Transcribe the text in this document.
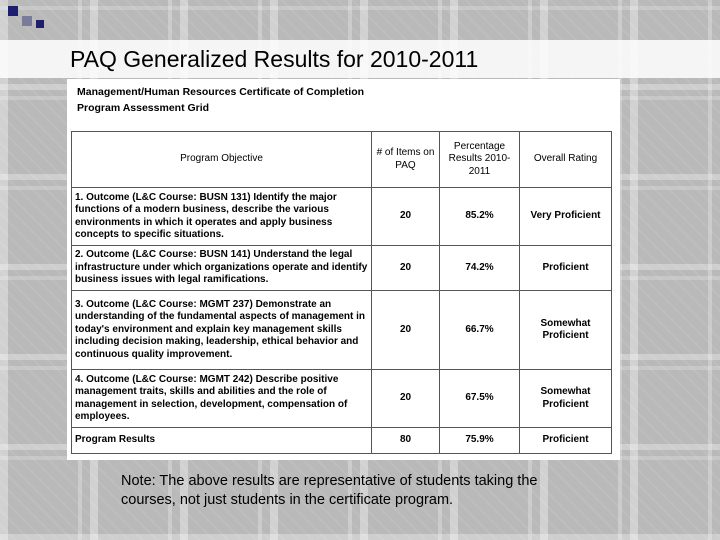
PAQ Generalized Results for 2010-2011
Management/Human Resources Certificate of Completion
Program Assessment Grid
Program Objective	# of Items on PAQ	Percentage Results 2010-2011	Overall Rating
1. Outcome (L&C Course: BUSN 131) Identify the major functions of a modern business, describe the various environments in which it operates and apply business concepts to specific situations.	20	85.2%	Very Proficient
2. Outcome (L&C Course: BUSN 141) Understand the legal infrastructure under which organizations operate and identify business issues with legal ramifications.	20	74.2%	Proficient
3. Outcome (L&C Course: MGMT 237) Demonstrate an understanding of the fundamental aspects of management in today's environment and explain key management skills including decision making, leadership, ethical behavior and continuous quality improvement.	20	66.7%	Somewhat Proficient
4. Outcome (L&C Course: MGMT 242) Describe positive management traits, skills and abilities and the role of management in selection, development, compensation of employees.	20	67.5%	Somewhat Proficient
Program Results	80	75.9%	Proficient
Note: The above results are representative of students taking the courses, not just students in the certificate program.
